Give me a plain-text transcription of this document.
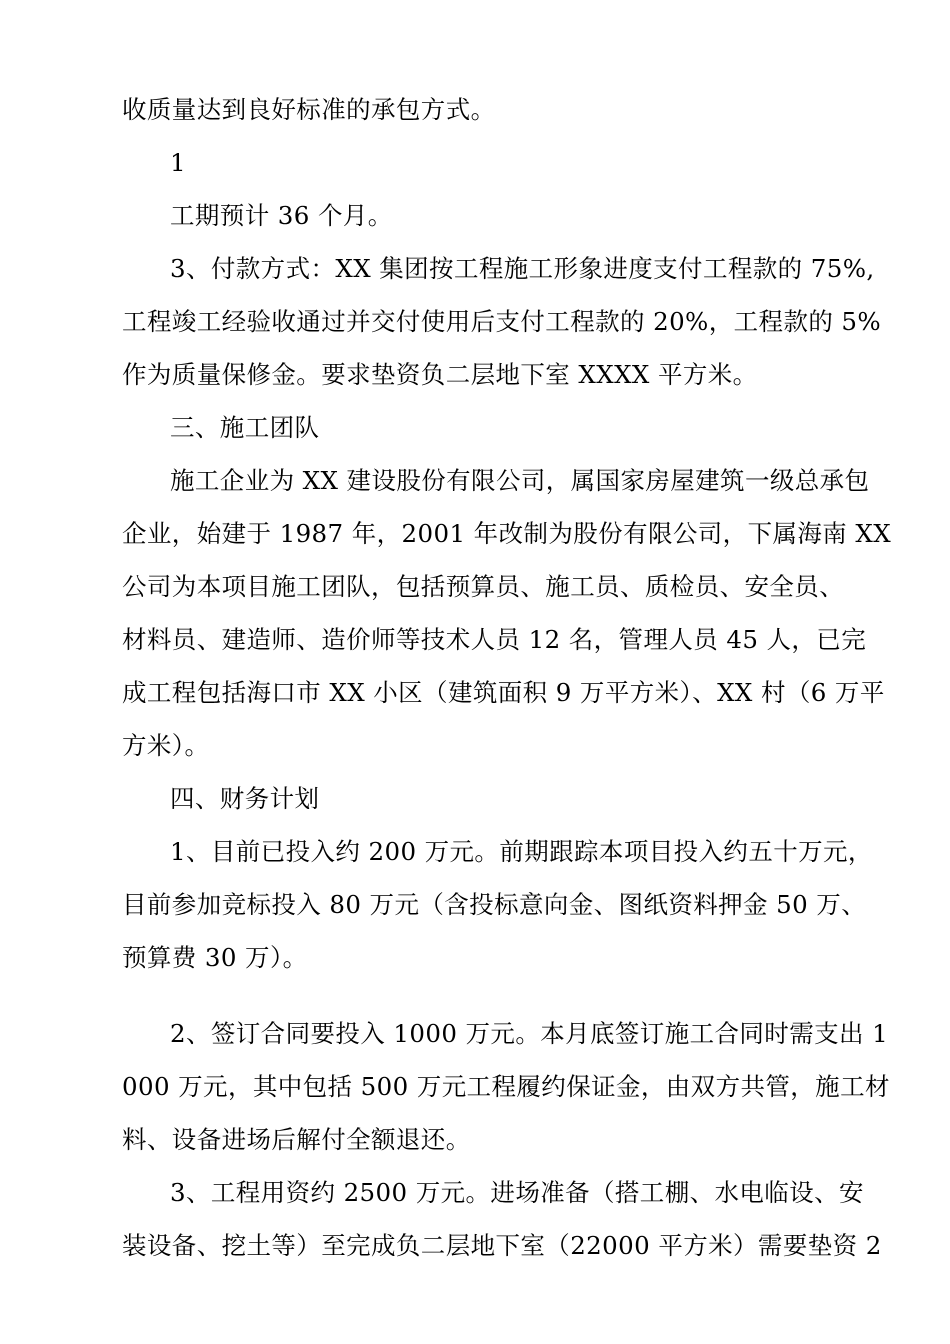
收质量达到良好标准的承包方式。
1
工期预计 36 个月。
3、付款方式：XX 集团按工程施工形象进度支付工程款的 75%,
工程竣工经验收通过并交付使用后支付工程款的 20%，工程款的 5%
作为质量保修金。要求垫资负二层地下室 XXXX 平方米。
三、施工团队
施工企业为 XX 建设股份有限公司，属国家房屋建筑一级总承包
企业，始建于 1987 年，2001 年改制为股份有限公司，下属海南 XX
公司为本项目施工团队，包括预算员、施工员、质检员、安全员、
材料员、建造师、造价师等技术人员 12 名，管理人员 45 人，已完
成工程包括海口市 XX 小区（建筑面积 9 万平方米）、XX 村（6 万平
方米）。
四、财务计划
1、目前已投入约 200 万元。前期跟踪本项目投入约五十万元，
目前参加竞标投入 80 万元（含投标意向金、图纸资料押金 50 万、
预算费 30 万）。
2、签订合同要投入 1000 万元。本月底签订施工合同时需支出 1
000 万元，其中包括 500 万元工程履约保证金，由双方共管，施工材
料、设备进场后解付全额退还。
3、工程用资约 2500 万元。进场准备（搭工棚、水电临设、安
装设备、挖土等）至完成负二层地下室（22000 平方米）需要垫资 2
